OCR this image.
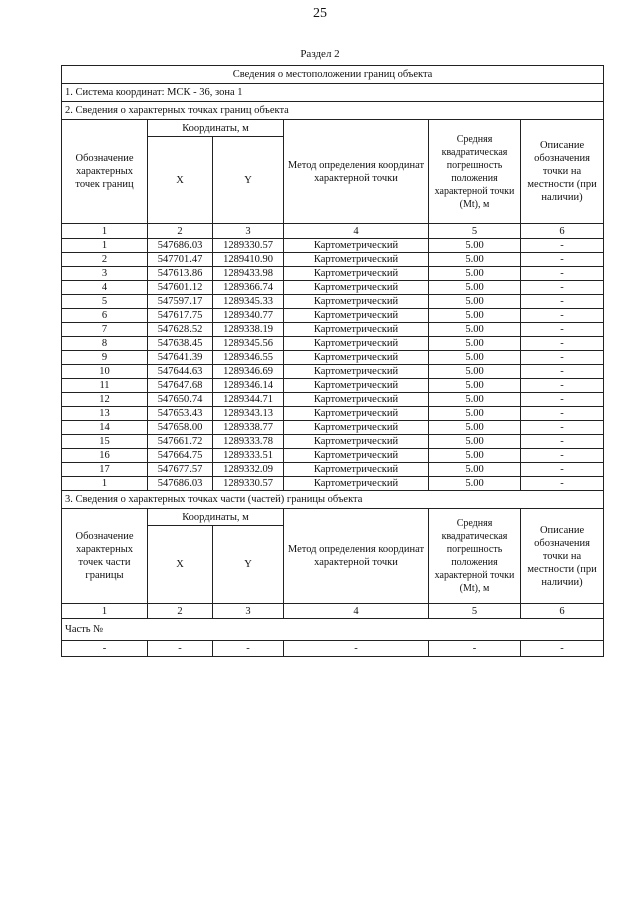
25
Раздел 2
Сведения о местоположении границ объекта					
1. Система координат: МСК - 36, зона 1					
2. Сведения о характерных точках границ объекта					
Обозначение характерных точек границ	Координаты, м		Метод определения координат характерной точки	Средняя квадратическая погрешность положения характерной точки (Mt), м	Описание обозначения точки на местности (при наличии)
	X	Y			
1	2	3	4	5	6
1	547686.03	1289330.57	Картометрический	5.00	-
2	547701.47	1289410.90	Картометрический	5.00	-
3	547613.86	1289433.98	Картометрический	5.00	-
4	547601.12	1289366.74	Картометрический	5.00	-
5	547597.17	1289345.33	Картометрический	5.00	-
6	547617.75	1289340.77	Картометрический	5.00	-
7	547628.52	1289338.19	Картометрический	5.00	-
8	547638.45	1289345.56	Картометрический	5.00	-
9	547641.39	1289346.55	Картометрический	5.00	-
10	547644.63	1289346.69	Картометрический	5.00	-
11	547647.68	1289346.14	Картометрический	5.00	-
12	547650.74	1289344.71	Картометрический	5.00	-
13	547653.43	1289343.13	Картометрический	5.00	-
14	547658.00	1289338.77	Картометрический	5.00	-
15	547661.72	1289333.78	Картометрический	5.00	-
16	547664.75	1289333.51	Картометрический	5.00	-
17	547677.57	1289332.09	Картометрический	5.00	-
1	547686.03	1289330.57	Картометрический	5.00	-
3. Сведения о характерных точках части (частей) границы объекта					
Обозначение характерных точек части границы	Координаты, м		Метод определения координат характерной точки	Средняя квадратическая погрешность положения характерной точки (Mt), м	Описание обозначения точки на местности (при наличии)
	X	Y			
1	2	3	4	5	6
Часть №					
-	-	-	-	-	-
